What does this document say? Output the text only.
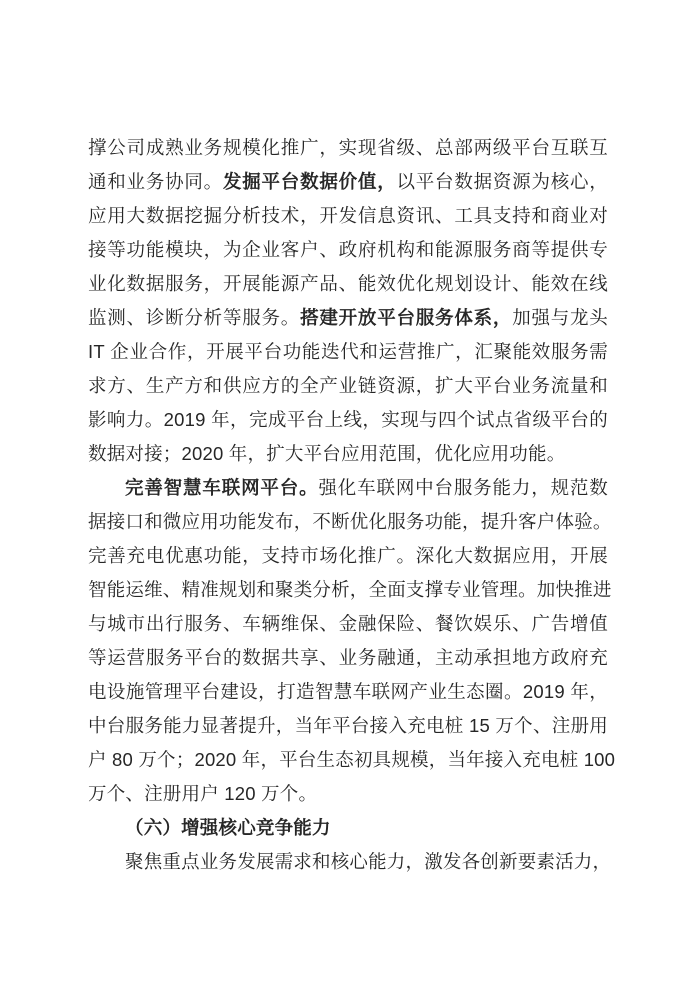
撑公司成熟业务规模化推广，实现省级、总部两级平台互联互
通和业务协同。发掘平台数据价值，以平台数据资源为核心，
应用大数据挖掘分析技术，开发信息资讯、工具支持和商业对
接等功能模块，为企业客户、政府机构和能源服务商等提供专
业化数据服务，开展能源产品、能效优化规划设计、能效在线
监测、诊断分析等服务。搭建开放平台服务体系，加强与龙头
IT 企业合作，开展平台功能迭代和运营推广，汇聚能效服务需
求方、生产方和供应方的全产业链资源，扩大平台业务流量和
影响力。2019 年，完成平台上线，实现与四个试点省级平台的
数据对接；2020 年，扩大平台应用范围，优化应用功能。
完善智慧车联网平台。强化车联网中台服务能力，规范数
据接口和微应用功能发布，不断优化服务功能，提升客户体验。
完善充电优惠功能，支持市场化推广。深化大数据应用，开展
智能运维、精准规划和聚类分析，全面支撑专业管理。加快推进
与城市出行服务、车辆维保、金融保险、餐饮娱乐、广告增值
等运营服务平台的数据共享、业务融通，主动承担地方政府充
电设施管理平台建设，打造智慧车联网产业生态圈。2019 年，
中台服务能力显著提升，当年平台接入充电桩 15 万个、注册用
户 80 万个；2020 年，平台生态初具规模，当年接入充电桩 100
万个、注册用户 120 万个。
（六）增强核心竞争能力
聚焦重点业务发展需求和核心能力，激发各创新要素活力，
